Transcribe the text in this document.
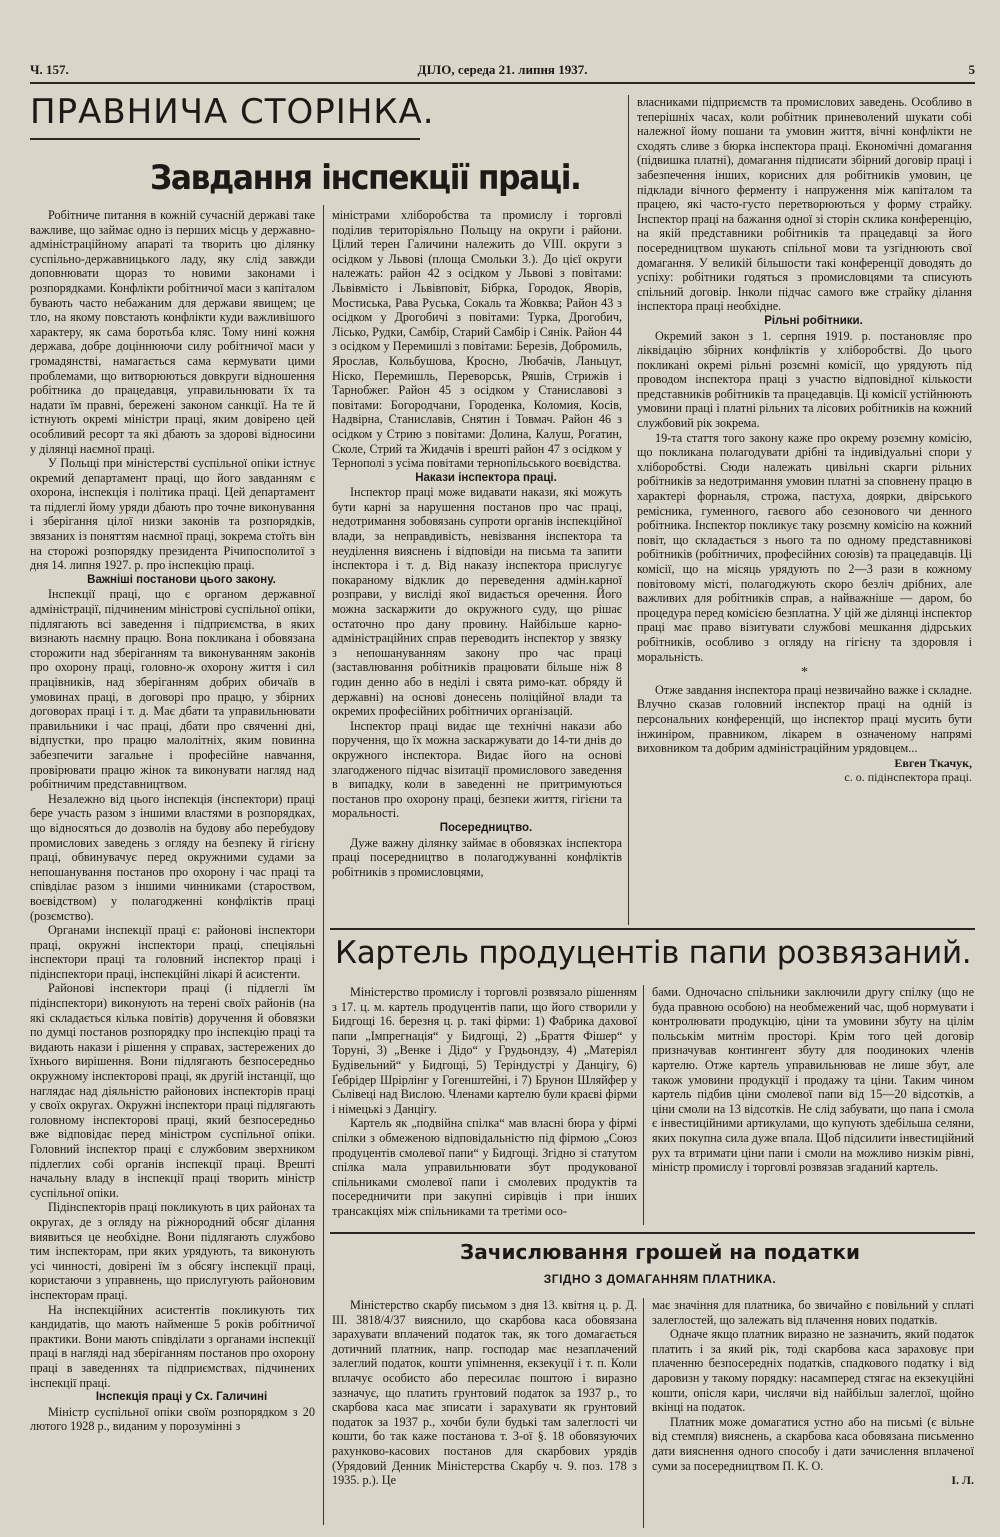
Ч. 157.	ДІЛО, середа 21. липня 1937.	5
ПРАВНИЧА СТОРІНКА.
Завдання інспекції праці.

Робітниче питання в кожній сучасній державі таке важливе, що займає одно із перших місць у державно-адміністраційному апараті та творить цю ділянку суспільно-державницького ладу, яку слід завжди доповнювати щораз то новими законами і розпорядками. Конфлікти робітничої маси з капіталом бувають часто небажаним для держави явищем; це тло, на якому повстають конфлікти куди важливішого характеру, як сама боротьба кляс. Тому нині кожня держава, добре доціннюючи силу робітничої маси у громадянстві, намагається сама кермувати цими проблемами, що витворюються довкруги відношення робітника до працедавця, управильнювати їх та надати їм правні, бережені законом санкції. На те й істнують окремі міністри праці, яким довірено цей особливий ресорт та які дбають за здорові відносини у ділянці наємної праці.

У Польщі при міністерстві суспільної опіки істнує окремий департамент праці, що його завданням є охорона, інспекція і політика праці. Цей департамент та підлеглі йому уряди дбають про точне виконування і зберігання цілої низки законів та розпорядків, звязаних із поняттям наємної праці, зокрема стоїть він на сторожі розпорядку президента Річипосполитої з дня 14. липня 1927. р. про інспекцію праці.

Важніші постанови цього закону.

Інспекції праці, що є органом державної адміністрації, підчиненим міністрові суспільної опіки, підлягають всі заведення і підприємства, в яких визнають наємну працю. Вона покликана і обовязана сторожити над зберіганням та виконуванням законів про охорону праці, головно-ж охорону життя і сил працівників, над зберіганням добрих обичаїв в умовинах праці, в договорі про працю, у збірних договорах праці і т. д. Має дбати та управильнювати правильники і час праці, дбати про свяченні дні, відпустки, про працю малолітніх, яким повинна забезпечити загальне і професійне навчання, провірювати працю жінок та виконувати нагляд над робітничим представництвом.

Незалежно від цього інспекція (інспектори) праці бере участь разом з іншими властями в розпорядках, що відносяться до дозволів на будову або перебудову промислових заведень з огляду на безпеку й гігієну праці, обвинувачує перед окружними судами за непошанування постанов про охорону і час праці та співділає разом з іншими чинниками (староством, воєвідством) у полагодженні конфліктів праці (розємство).

Органами інспекції праці є: районові інспектори праці, окружні інспектори праці, спеціяльні інспектори праці та головний інспектор праці і підінспектори праці, інспекційні лікарі й асистенти.

Районові інспектори праці (і підлеглі їм підінспектори) виконують на терені своїх районів (на які складається кілька повітів) доручення й обовязки по думці постанов розпорядку про інспекцію праці та видають накази і рішення у справах, застережених до їхнього вирішення. Вони підлягають безпосередньо окружному інспекторові праці, як другій інстанції, що наглядає над діяльністю районових інспекторів праці у своїх округах. Окружні інспектори праці підлягають головному інспекторові праці, який безпосередньо вже відповідає перед міністром суспільної опіки. Головний інспектор праці є службовим зверхником підлеглих собі органів інспекції праці. Врешті начальну владу в інспекції праці творить міністр суспільної опіки.

Підінспекторів праці покликують в цих районах та округах, де з огляду на ріжнородний обсяг ділання виявиться це необхідне. Вони підлягають службово тим інспекторам, при яких урядують, та виконують усі чинності, довірені їм з обсягу інспекції праці, користаючи з управнень, що прислугують районовим інспекторам праці.

На інспекційних асистентів покликують тих кандидатів, що мають найменше 5 років робітничої практики. Вони мають співділати з органами інспекції праці в нагляді над зберіганням постанов про охорону праці в заведеннях та підприємствах, підчинених інспекції праці.

Інспекція праці у Сх. Галичині

Міністр суспільної опіки своїм розпорядком з 20 лютого 1928 р., виданим у порозумінні з

міністрами хліборобства та промислу і торговлі поділив територіяльно Польщу на округи і райони. Цілий терен Галичини належить до VIII. округи з осідком у Львові (площа Смольки 3.). До цієї округи належать: район 42 з осідком у Львові з повітами: Львівмісто і Львівповіт, Бібрка, Городок, Яворів, Мостиська, Рава Руська, Сокаль та Жовква; Район 43 з осідком у Дрогобичі з повітами: Турка, Дрогобич, Лісько, Рудки, Самбір, Старий Самбір і Сянік. Район 44 з осідком у Перемишлі з повітами: Березів, Добромиль, Ярослав, Кольбушова, Кросно, Любачів, Ланьцут, Ніско, Перемишль, Переворськ, Ряшів, Стрижів і Тарнобжег. Район 45 з осідком у Станиславові з повітами: Богородчани, Городенка, Коломия, Косів, Надвірна, Станиславів, Снятин і Товмач. Район 46 з осідком у Стрию з повітами: Долина, Калуш, Рогатин, Сколе, Стрий та Жидачів і врешті район 47 з осідком у Тернополі з усіма повітами тернопільського воєвідства.

Накази інспектора праці.

Інспектор праці може видавати накази, які можуть бути карні за нарушення постанов про час праці, недотримання зобовязань супроти органів інспекційної влади, за неправдивість, невізвання інспектора та неуділення вияснень і відповіди на письма та запити інспектора і т. д. Від наказу інспектора прислугує покараному відклик до переведення адмін.карної розправи, у висліді якої видається оречення. Його можна заскаржити до окружного суду, що рішає остаточно про дану провину. Найбільше карно-адміністраційних справ переводить інспектор у звязку з непошануванням закону про час праці (заставлювання робітників працювати більше ніж 8 годин денно або в неділі і свята римо-кат. обряду й державні) на основі донесень поліційної влади та окремих професійних робітничих організацій.

Інспектор праці видає ще технічні накази або поручення, що їх можна заскаржувати до 14-ти днів до окружного інспектора. Видає його на основі злагодженого підчас візитації промислового заведення в випадку, коли в заведенні не притримуються постанов про охорону праці, безпеки життя, гігієни та моральності.

Посередництво.

Дуже важну ділянку займає в обовязках інспектора праці посередництво в полагоджуванні конфліктів робітників з промисловцями,

власниками підприємств та промислових заведень. Особливо в теперішніх часах, коли робітник приневолений шукати собі належної йому пошани та умовин життя, вічні конфлікти не сходять сливе з бюрка інспектора праці. Економічні домагання (підвишка платні), домагання підписати збірний договір праці і забезпечення інших, корисних для робітників умовин, це підклади вічного ферменту і напруження між капіталом та працею, які часто-густо перетворюються у форму страйку. Інспектор праці на бажання одної зі сторін склика конференцію, на якій представники робітників та працедавці за його посередництвом шукають спільної мови та узгіднюють свої домагання. У великій більшости такі конференції доводять до успіху: робітники годяться з промисловцями та списують спільний договір. Інколи підчас самого вже страйку ділання інспектора праці необхідне.

Рільні робітники.

Окремий закон з 1. серпня 1919. р. постановляє про ліквідацію збірних конфліктів у хліборобстві. До цього покликані окремі рільні розємні комісії, що урядують під проводом інспектора праці з участю відповідної кількости представників робітників та працедавців. Ці комісії устійнюють умовини праці і платні рільних та лісових робітників на кожний службовий рік зокрема.

19-та стаття того закону каже про окрему розємну комісію, що покликана полагодувати дрібні та індивідуальні спори у хліборобстві. Сюди належать цивільні скарги рільних робітників за недотримання умовин платні за сповнену працю в характері форнаьля, строжа, пастуха, доярки, двірського ремісника, гуменного, гаєвого або сезонового чи денного робітника. Інспектор покликує таку розємну комісію на кожний повіт, що складається з нього та по одному представникові робітників (робітничих, професійних союзів) та працедавців. Ці комісії, що на місяць урядують по 2—3 рази в кожному повітовому місті, полагоджують скоро безліч дрібних, але важливих для робітників справ, а найважніше — даром, бо процедура перед комісією безплатна. У цій же ділянці інспектор праці має право візитувати службові мешкання дідрських робітників, особливо з огляду на гігієну та здоровля і моральність.

*

Отже завдання інспектора праці незвичайно важке і складне. Влучно сказав головний інспектор праці на одній із персональних конференцій, що інспектор праці мусить бути інжиніром, правником, лікарем в означеному напрямі виховником та добрим адміністраційним урядовцем...

Евген Ткачук,
с. о. підінспектора праці.
Картель продуцентів папи розвязаний.

Міністерство промислу і торговлі розвязало рішенням з 17. ц. м. картель продуцентів папи, що його створили у Бидгощі 16. березня ц. р. такі фірми: 1) Фабрика дахової папи „Імпрегнація“ у Бидгощі, 2) „Браття Фішер“ у Торуні, 3) „Венке і Дідо“ у Грудьондзу, 4) „Матеріял Будівельний“ у Бидгощі, 5) Теріндустрі у Данцігу, 6) Ґебрідер Шрірлінг у Гогенштейні, і 7) Брунон Шляйфер у Сьлівеці над Вислою. Членами картелю були краєві фірми і німецькі з Данцігу.

Картель як „подвійна спілка“ мав власні бюра у фірмі спілки з обмеженою відповідальністю під фірмою „Союз продуцентів смолевої папи“ у Бидгощі. Згідно зі статутом спілка мала управильнювати збут продукованої спільниками смолевої папи і смолевих продуктів та посередничити при закупні сирівців і при інших трансакціях між спільниками та третіми осо-

бами. Одночасно спільники заключили другу спілку (що не буда правною особою) на необмежений час, щоб нормувати і контролювати продукцію, ціни та умовини збуту на цілім польськім митнім просторі. Крім того цей договір призначував контингент збуту для поодиноких членів картелю. Отже картель управильнював не лише збут, але також умовини продукції і продажу та ціни. Таким чином картель підбив ціни смолевої папи від 15—20 відсотків, а ціни смоли на 13 відсотків. Не слід забувати, що папа і смола є інвестиційними артикулами, що купують здебільша селяни, яких покупна сила дуже впала. Щоб підсилити інвестиційний рух та втримати ціни папи і смоли на можливо низкім рівні, міністр промислу і торговлі розвязав згаданий картель.

Зачислювання грошей на податки
ЗГІДНО З ДОМАГАННЯМ ПЛАТНИКА.

Міністерство скарбу письмом з дня 13. квітня ц. р. Д. III. 3818/4/37 вияснило, що скарбова каса обовязана зарахувати вплачений податок так, як того домагається дотичний платник, напр. господар має незаплачений залеглий податок, кошти упімнення, екзекуції і т. п. Коли вплачує особисто або пересилає поштою і виразно зазначує, що платить грунтовий податок за 1937 р., то скарбова каса має зписати і зарахувати як грунтовий податок за 1937 р., хочби були будькі там залеглості чи кошти, бо так каже постанова т. 3-ої §. 18 обовязуючих рахунково-касових постанов для скарбових урядів (Урядовий Денник Міністерства Скарбу ч. 9. поз. 178 з 1935. р.). Це

має значіння для платника, бо звичайно є повільний у сплаті залеглостей, що залежать від плачення нових податків.

Одначе якщо платник виразно не зазначить, який податок платить і за який рік, тоді скарбова каса зараховує при плаченню безпосередніх податків, спадкового податку і від даровизн у такому порядку: насамперед стягає на екзекуційні кошти, опісля кари, числячи від найбільш залеглої, щойно вкінці на податок.

Платник може домагатися устно або на письмі (є вільне від стемпля) вияснень, а скарбова каса обовязана письменно дати вияснення одного способу і дати зачислення вплаченої суми за посередництвом П. К. О.

І. Л.
